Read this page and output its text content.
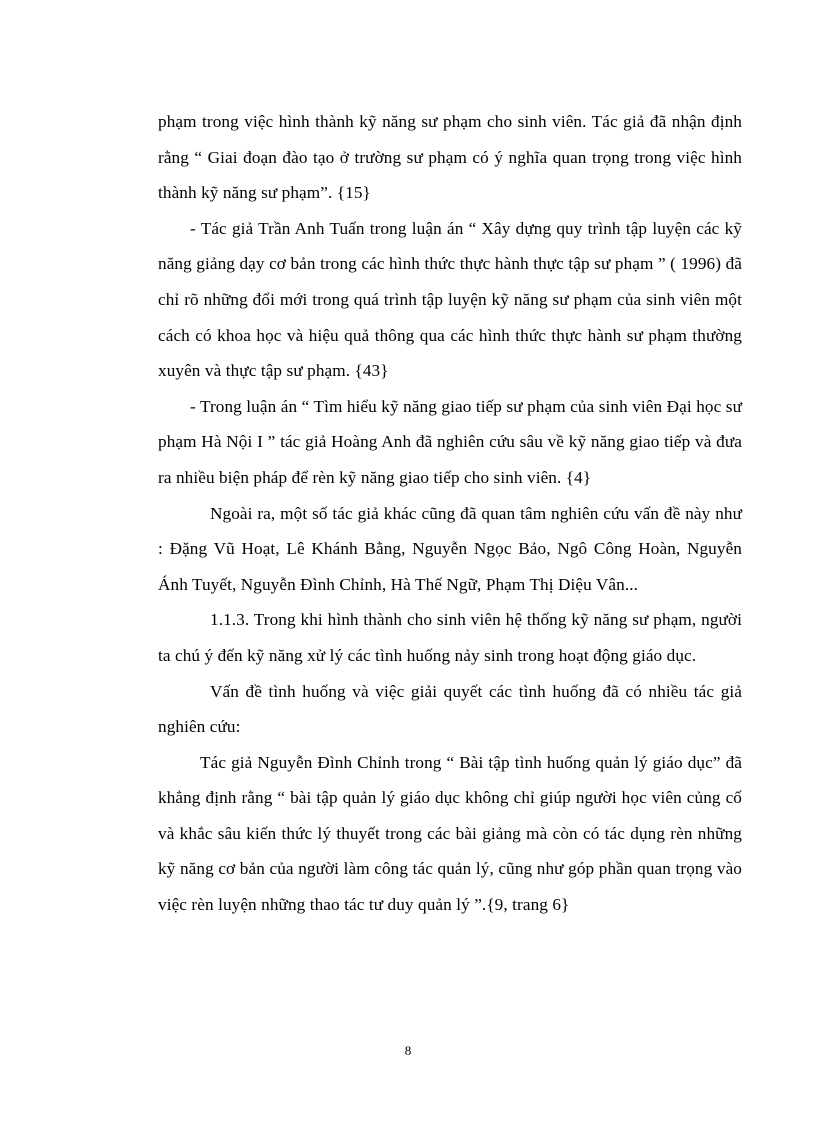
phạm trong việc hình thành kỹ năng sư phạm cho sinh viên. Tác giả đã nhận định rằng “ Giai đoạn đào tạo ở trường sư phạm có ý nghĩa quan trọng trong việc hình thành kỹ năng sư phạm”. {15}

- Tác giả Trần Anh Tuấn trong luận án “ Xây dựng quy trình tập luyện các kỹ năng giảng dạy cơ bản trong các hình thức thực hành thực tập sư phạm ” ( 1996) đã chỉ rõ những đổi mới trong quá trình tập luyện kỹ năng sư phạm của sinh viên một cách có khoa học và hiệu quả thông qua các hình thức thực hành sư phạm thường xuyên và thực tập sư phạm. {43}

- Trong luận án “ Tìm hiểu kỹ năng giao tiếp sư phạm của sinh viên Đại học sư phạm Hà Nội I ” tác giả Hoàng Anh đã nghiên cứu sâu về kỹ năng giao tiếp và đưa ra nhiều biện pháp để rèn kỹ năng giao tiếp cho sinh viên. {4}

Ngoài ra, một số tác giả khác cũng đã quan tâm nghiên cứu vấn đề này như : Đặng Vũ Hoạt, Lê Khánh Bằng, Nguyễn Ngọc Bảo, Ngô Công Hoàn, Nguyễn Ánh Tuyết, Nguyễn Đình Chỉnh, Hà Thế Ngữ, Phạm Thị Diệu Vân...

1.1.3. Trong khi hình thành cho sinh viên hệ thống kỹ năng sư phạm, người ta chú ý đến kỹ năng xử lý các tình huống nảy sinh trong hoạt động giáo dục.

Vấn đề tình huống và việc giải quyết các tình huống đã có nhiều tác giả nghiên cứu:

Tác giả Nguyễn Đình Chỉnh trong “ Bài tập tình huống quản lý giáo dục” đã khẳng định rằng “ bài tập quản lý giáo dục không chỉ giúp người học viên củng cố và khắc sâu kiến thức lý thuyết trong các bài giảng mà còn có tác dụng rèn những kỹ năng cơ bản của người làm công tác quản lý, cũng như góp phần quan trọng vào việc rèn luyện những thao tác tư duy quản lý ”.{9, trang 6}

8
